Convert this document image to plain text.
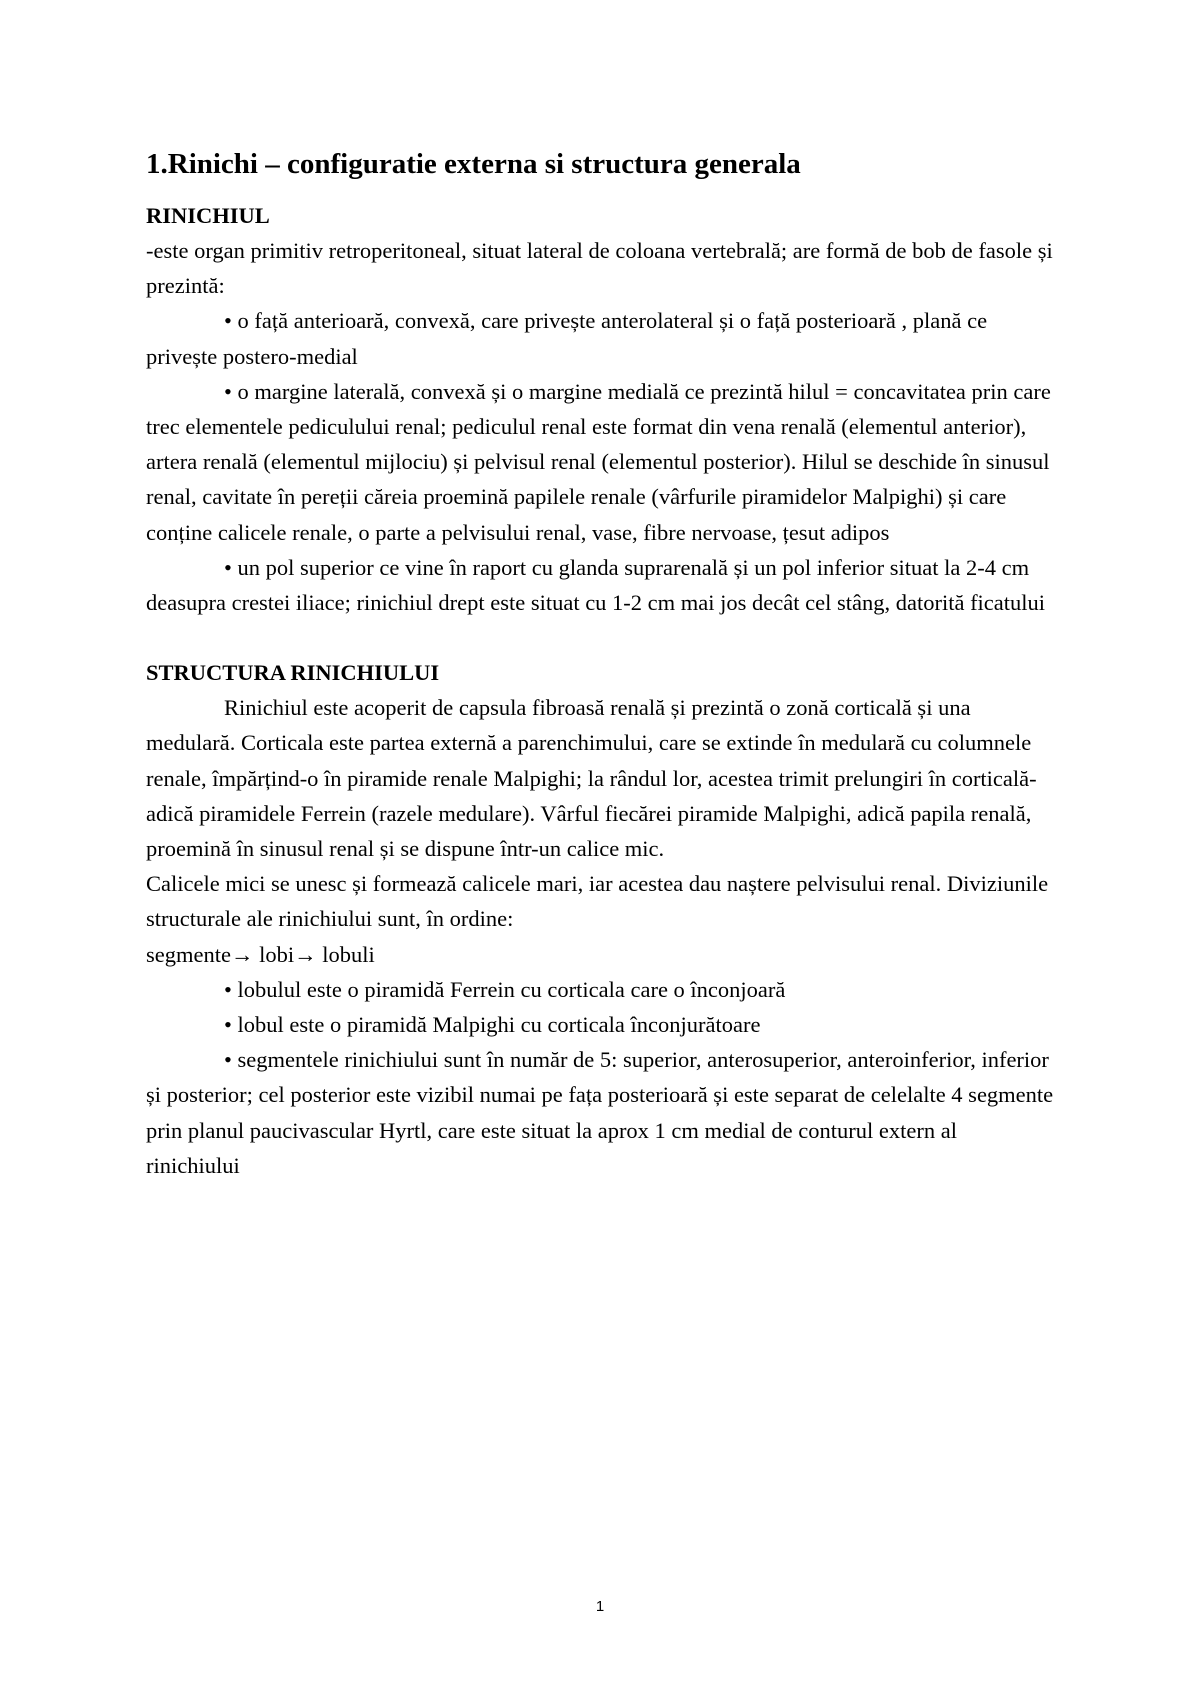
1.Rinichi – configuratie externa si structura generala
RINICHIUL

-este organ primitiv retroperitoneal, situat lateral de coloana vertebrală; are formă de bob de fasole și prezintă:

• o față anterioară, convexă, care privește anterolateral și o față posterioară , plană ce privește postero-medial

• o margine laterală, convexă și o margine medială ce prezintă hilul = concavitatea prin care trec elementele pediculului renal; pediculul renal este format din vena renală (elementul anterior), artera renală (elementul mijlociu) și pelvisul renal (elementul posterior). Hilul se deschide în sinusul renal, cavitate în pereții căreia proemină papilele renale (vârfurile piramidelor Malpighi) și care conține calicele renale, o parte a pelvisului renal, vase, fibre nervoase, țesut adipos

• un pol superior ce vine în raport cu glanda suprarenală și un pol inferior situat la 2-4 cm deasupra crestei iliace; rinichiul drept este situat cu 1-2 cm mai jos decât cel stâng, datorită ficatului

STRUCTURA RINICHIULUI

Rinichiul este acoperit de capsula fibroasă renală și prezintă o zonă corticală și una medulară. Corticala este partea externă a parenchimului, care se extinde în medulară cu columnele renale, împărțind-o în piramide renale Malpighi; la rândul lor, acestea trimit prelungiri în corticală-adică piramidele Ferrein (razele medulare). Vârful fiecărei piramide Malpighi, adică papila renală, proemină în sinusul renal și se dispune într-un calice mic.

Calicele mici se unesc și formează calicele mari, iar acestea dau naștere pelvisului renal. Diviziunile structurale ale rinichiului sunt, în ordine:

segmente→ lobi→ lobuli

• lobulul este o piramidă Ferrein cu corticala care o înconjoară

• lobul este o piramidă Malpighi cu corticala înconjurătoare

• segmentele rinichiului sunt în număr de 5: superior, anterosuperior, anteroinferior, inferior și posterior; cel posterior este vizibil numai pe fața posterioară și este separat de celelalte 4 segmente prin planul paucivascular Hyrtl, care este situat la aprox 1 cm medial de conturul extern al rinichiului

1
